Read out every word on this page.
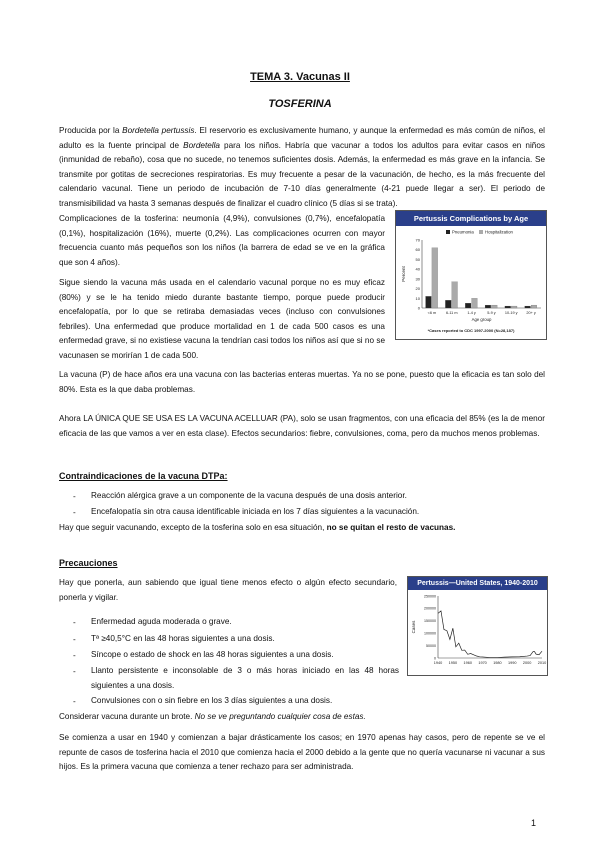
TEMA 3. Vacunas II
TOSFERINA
Producida por la Bordetella pertussis. El reservorio es exclusivamente humano, y aunque la enfermedad es más común de niños, el adulto es la fuente principal de Bordetella para los niños. Habría que vacunar a todos los adultos para evitar casos en niños (inmunidad de rebaño), cosa que no sucede, no tenemos suficientes dosis. Además, la enfermedad es más grave en la infancia. Se transmite por gotitas de secreciones respiratorias. Es muy frecuente a pesar de la vacunación, de hecho, es la más frecuente del calendario vacunal. Tiene un periodo de incubación de 7-10 días generalmente (4-21 puede llegar a ser). El periodo de transmisibilidad va hasta 3 semanas después de finalizar el cuadro clínico (5 días si se trata).
Complicaciones de la tosferina: neumonía (4,9%), convulsiones (0,7%), encefalopatía (0,1%), hospitalización (16%), muerte (0,2%). Las complicaciones ocurren con mayor frecuencia cuanto más pequeños son los niños (la barrera de edad se ve en la gráfica que son 4 años).
Sigue siendo la vacuna más usada en el calendario vacunal porque no es muy eficaz (80%) y se le ha tenido miedo durante bastante tiempo, porque puede producir encefalopatía, por lo que se retiraba demasiadas veces (incluso con convulsiones febriles). Una enfermedad que produce mortalidad en 1 de cada 500 casos es una enfermedad grave, si no existiese vacuna la tendrían casi todos los niños así que si no se vacunasen se morirían 1 de cada 500.
Pertussis Complications by Age
0
10
20
30
40
50
60
70
Percent
Pneumonia	Hospitalization
<6 m	6-11 m	1-4 y	5-9 y 10-19 y 20+ y
Age group
*Cases reported to CDC 1997-2000 (N=28,187)
La vacuna (P) de hace años era una vacuna con las bacterias enteras muertas. Ya no se pone, puesto que la eficacia es tan solo del 80%. Esta es la que daba problemas.
Ahora LA ÚNICA QUE SE USA ES LA VACUNA ACELLUAR (PA), solo se usan fragmentos, con una eficacia del 85% (es la de menor eficacia de las que vamos a ver en esta clase). Efectos secundarios: fiebre, convulsiones, coma, pero da muchos menos problemas.
Contraindicaciones de la vacuna DTPa:
- Reacción alérgica grave a un componente de la vacuna después de una dosis anterior.
- Encefalopatía sin otra causa identificable iniciada en los 7 días siguientes a la vacunación.
Hay que seguir vacunando, excepto de la tosferina solo en esa situación, no se quitan el resto de vacunas.
Precauciones
Hay que ponerla, aun sabiendo que igual tiene menos efecto o algún efecto secundario, ponerla y vigilar.
- Enfermedad aguda moderada o grave.
- Tª ≥40,5°C en las 48 horas siguientes a una dosis.
- Síncope o estado de shock en las 48 horas siguientes a una dosis.
- Llanto persistente e inconsolable de 3 o más horas iniciado en las 48 horas siguientes a una dosis.
- Convulsiones con o sin fiebre en los 3 días siguientes a una dosis.
Considerar vacuna durante un brote. No se ve preguntando cualquier cosa de estas.
Pertussis—United States, 1940-2010
0
50000
100000
150000
200000
250000
1940 1950 1960 1970 1980 1990 2000 2010
Cases
Se comienza a usar en 1940 y comienzan a bajar drásticamente los casos; en 1970 apenas hay casos, pero de repente se ve el repunte de casos de tosferina hacia el 2010 que comienza hacia el 2000 debido a la gente que no quería vacunarse ni vacunar a sus hijos. Es la primera vacuna que comienza a tener rechazo para ser administrada.
1
